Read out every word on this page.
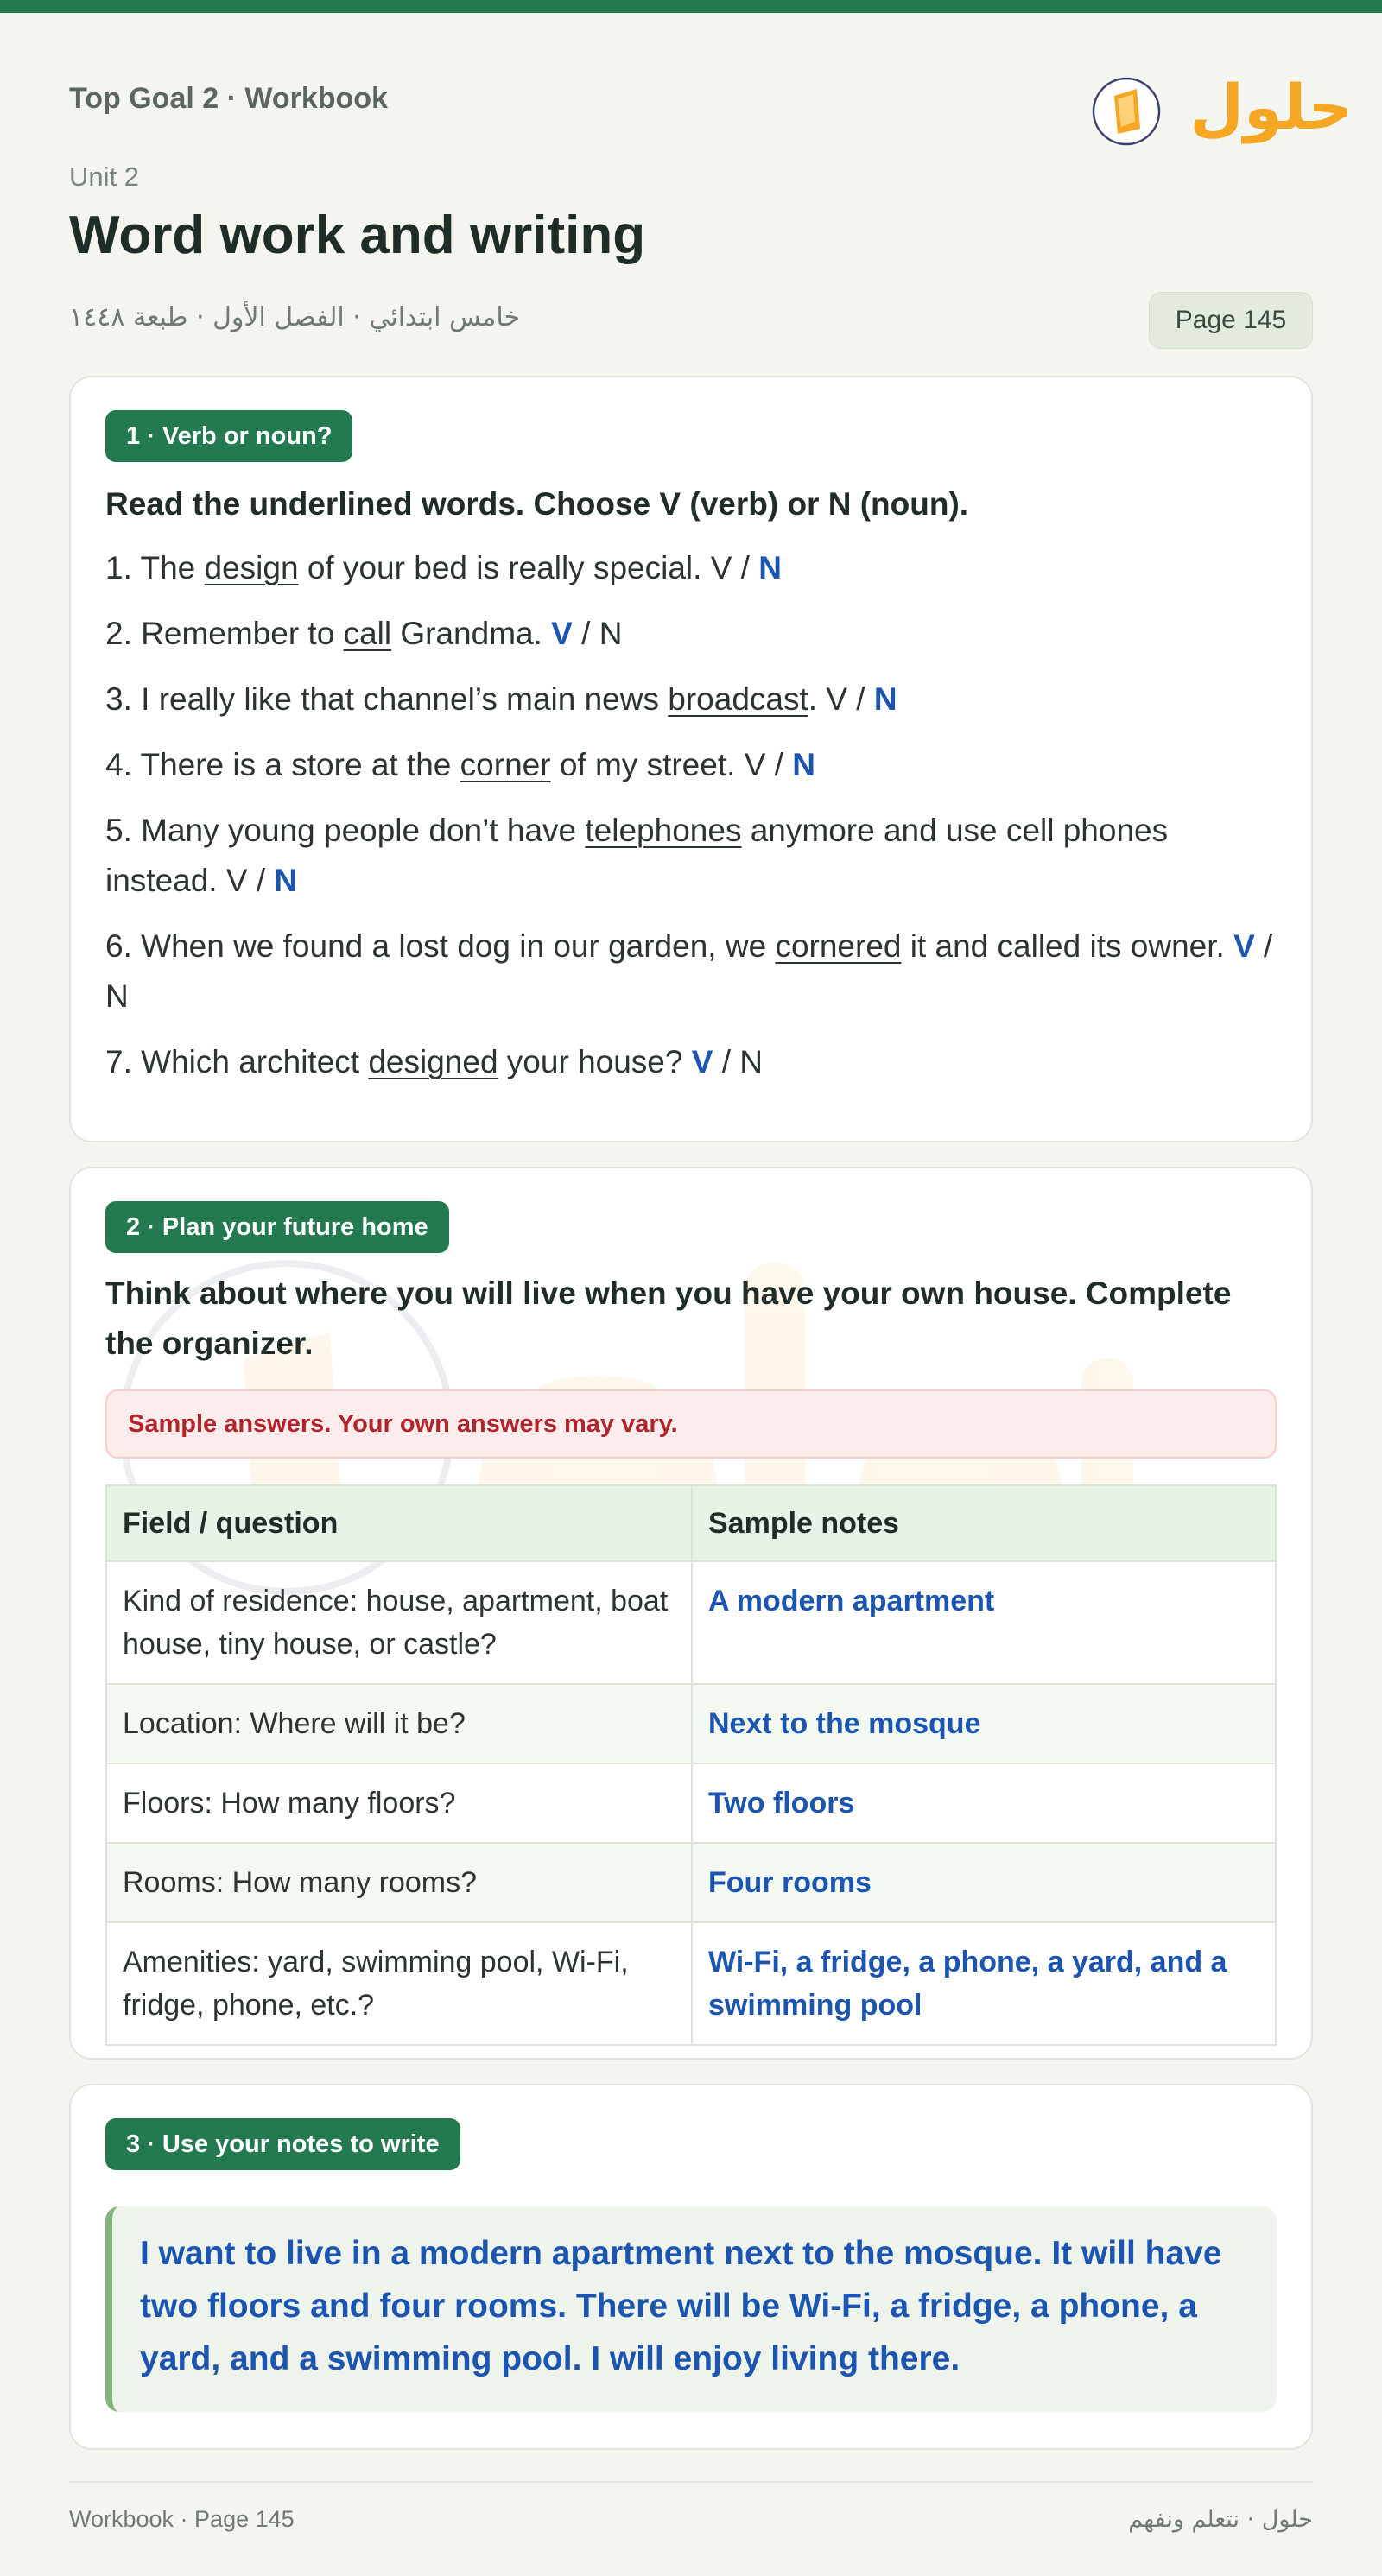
Top Goal 2 · Workbook	حلول
Unit 2
Word work and writing
خامس ابتدائي · الفصل الأول · طبعة ١٤٤٨	Page 145
1 · Verb or noun?
Read the underlined words. Choose V (verb) or N (noun).
1. The design of your bed is really special. V / N
2. Remember to call Grandma. V / N
3. I really like that channel’s main news broadcast. V / N
4. There is a store at the corner of my street. V / N
5. Many young people don’t have telephones anymore and use cell phones instead. V / N
6. When we found a lost dog in our garden, we cornered it and called its owner. V / N
7. Which architect designed your house? V / N
2 · Plan your future home
Think about where you will live when you have your own house. Complete the organizer.
Sample answers. Your own answers may vary.
Field / question	Sample notes
Kind of residence: house, apartment, boat house, tiny house, or castle?	A modern apartment
Location: Where will it be?	Next to the mosque
Floors: How many floors?	Two floors
Rooms: How many rooms?	Four rooms
Amenities: yard, swimming pool, Wi-Fi, fridge, phone, etc.?	Wi-Fi, a fridge, a phone, a yard, and a swimming pool
3 · Use your notes to write
I want to live in a modern apartment next to the mosque. It will have two floors and four rooms. There will be Wi-Fi, a fridge, a phone, a yard, and a swimming pool. I will enjoy living there.
Workbook · Page 145	حلول · نتعلم ونفهم
